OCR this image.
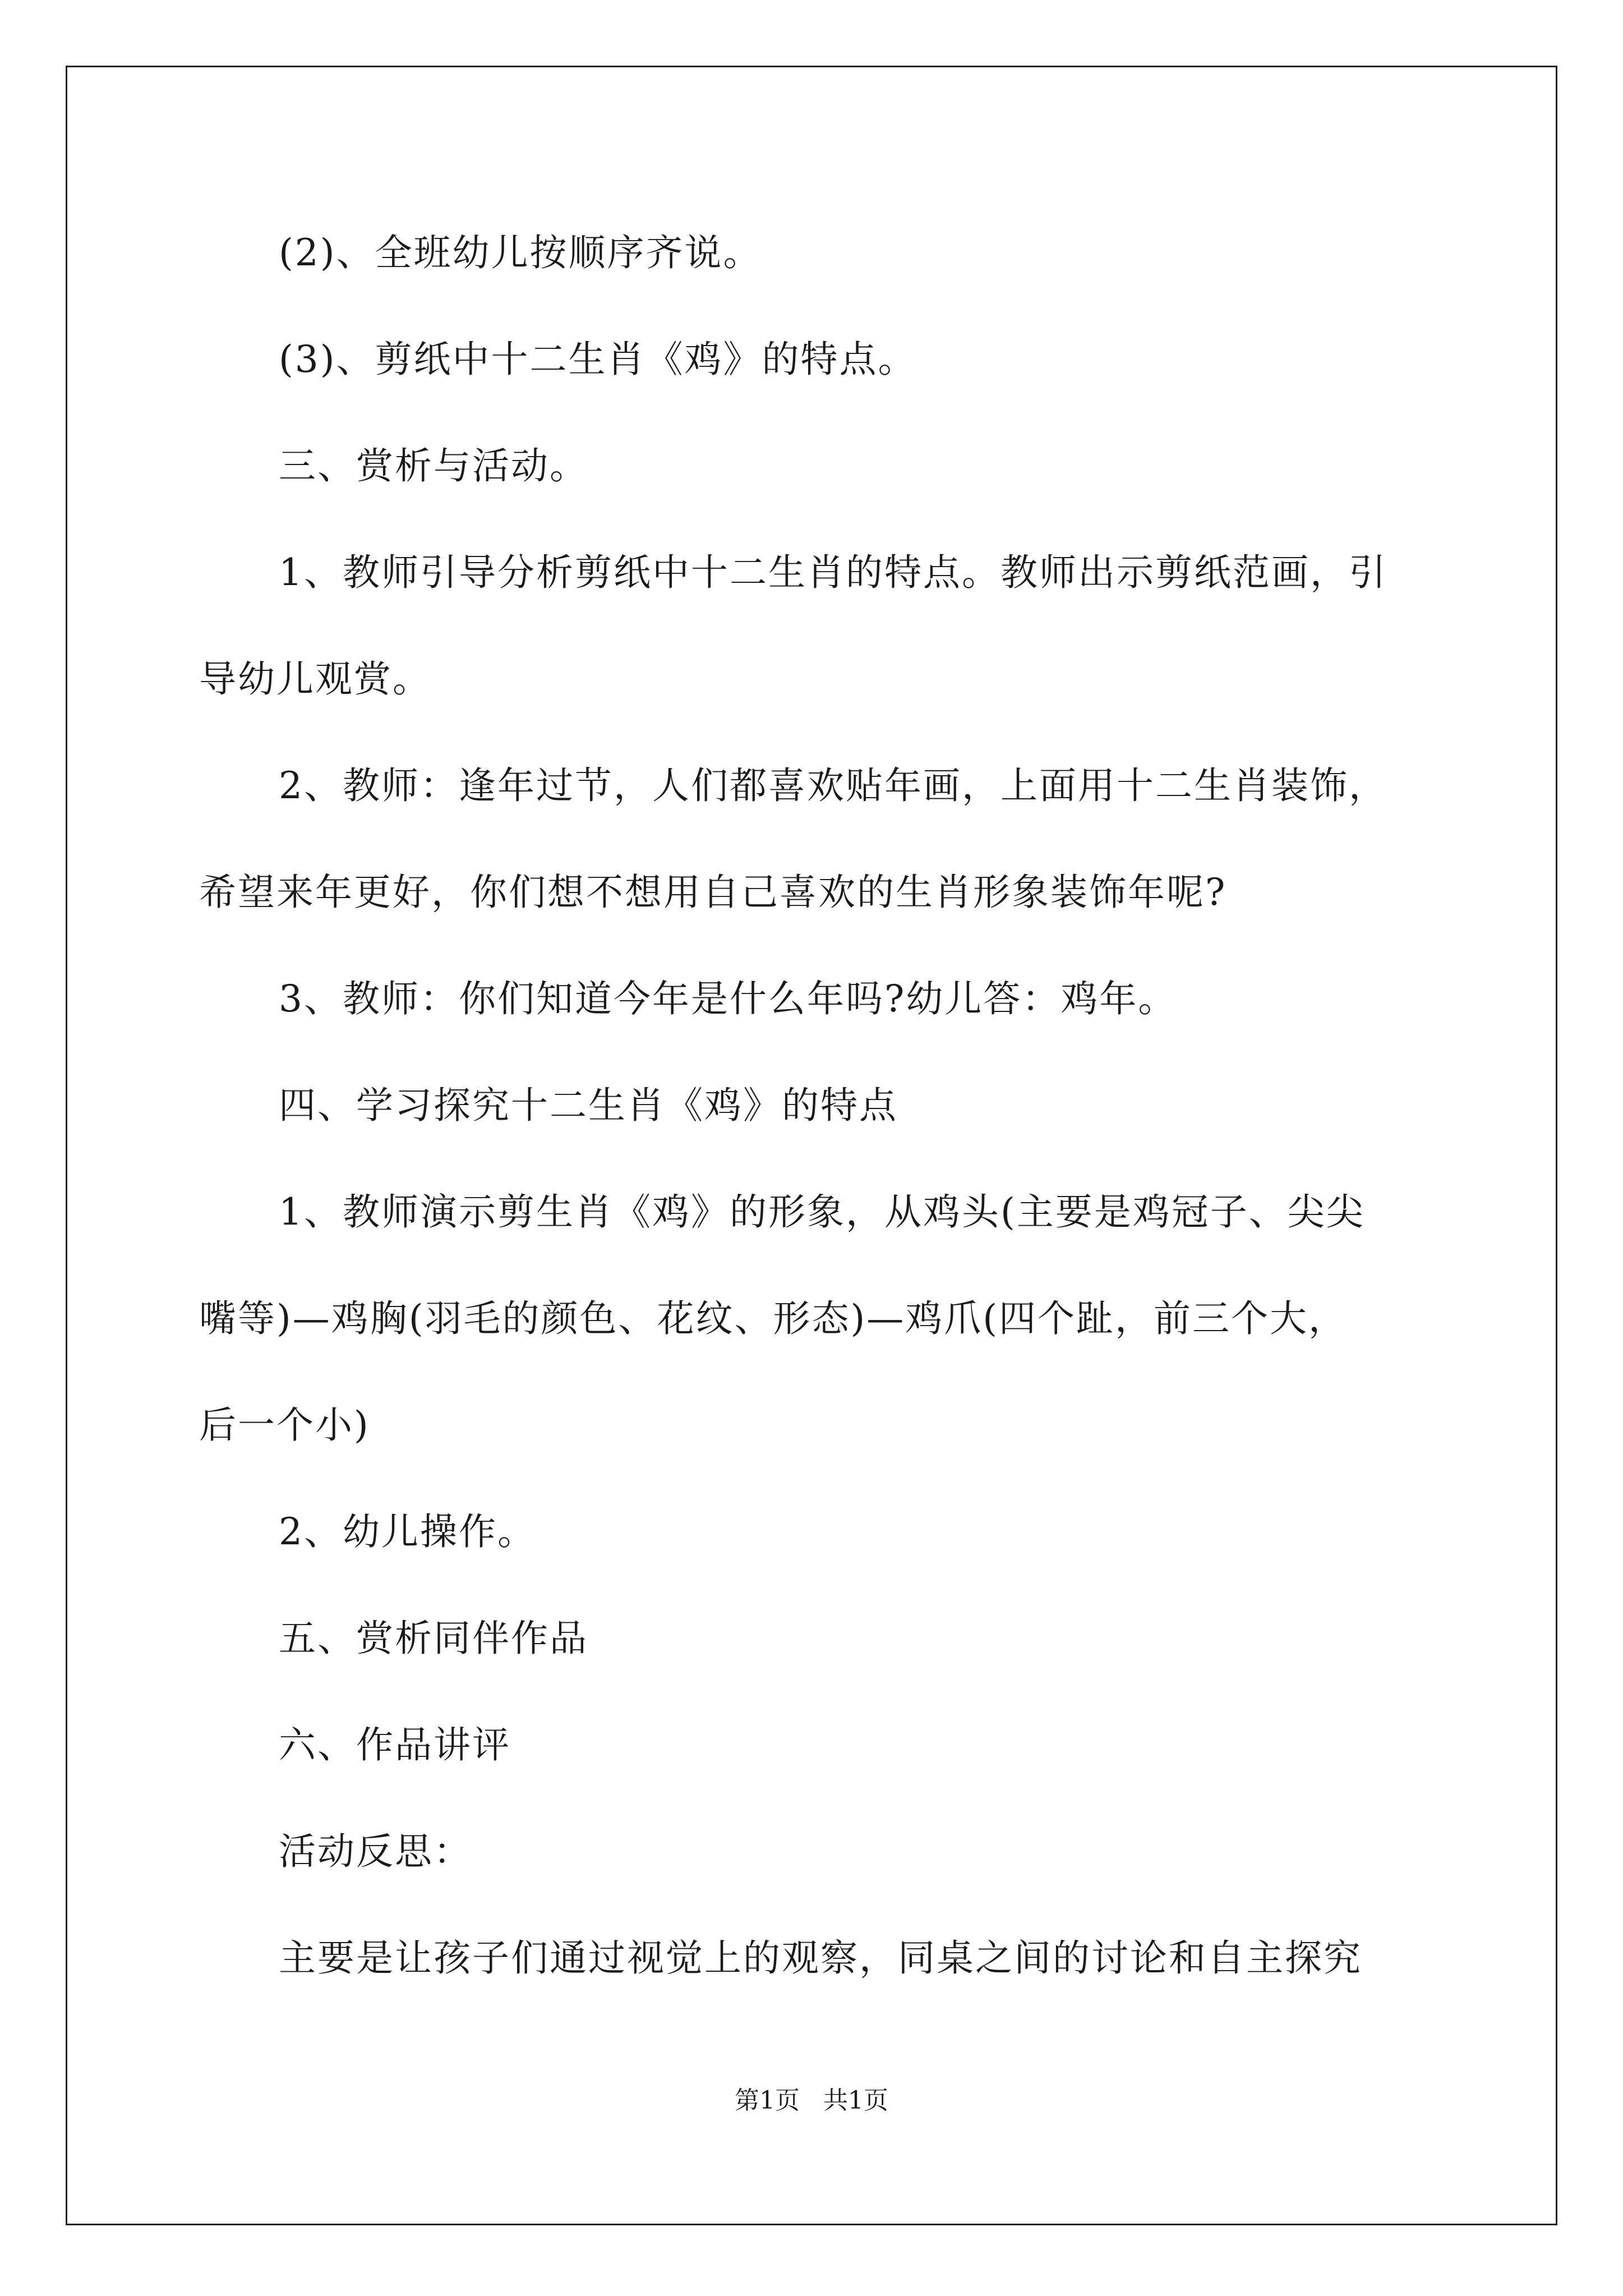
(2)、全班幼儿按顺序齐说。

(3)、剪纸中十二生肖《鸡》的特点。

三、赏析与活动。

1、教师引导分析剪纸中十二生肖的特点。教师出示剪纸范画，引

导幼儿观赏。

2、教师：逢年过节，人们都喜欢贴年画，上面用十二生肖装饰，

希望来年更好，你们想不想用自己喜欢的生肖形象装饰年呢?

3、教师：你们知道今年是什么年吗?幼儿答：鸡年。

四、学习探究十二生肖《鸡》的特点

1、教师演示剪生肖《鸡》的形象，从鸡头(主要是鸡冠子、尖尖

嘴等)—鸡胸(羽毛的颜色、花纹、形态)—鸡爪(四个趾，前三个大，

后一个小)

2、幼儿操作。

五、赏析同伴作品

六、作品讲评

活动反思：

主要是让孩子们通过视觉上的观察，同桌之间的讨论和自主探究

第1页   共1页
